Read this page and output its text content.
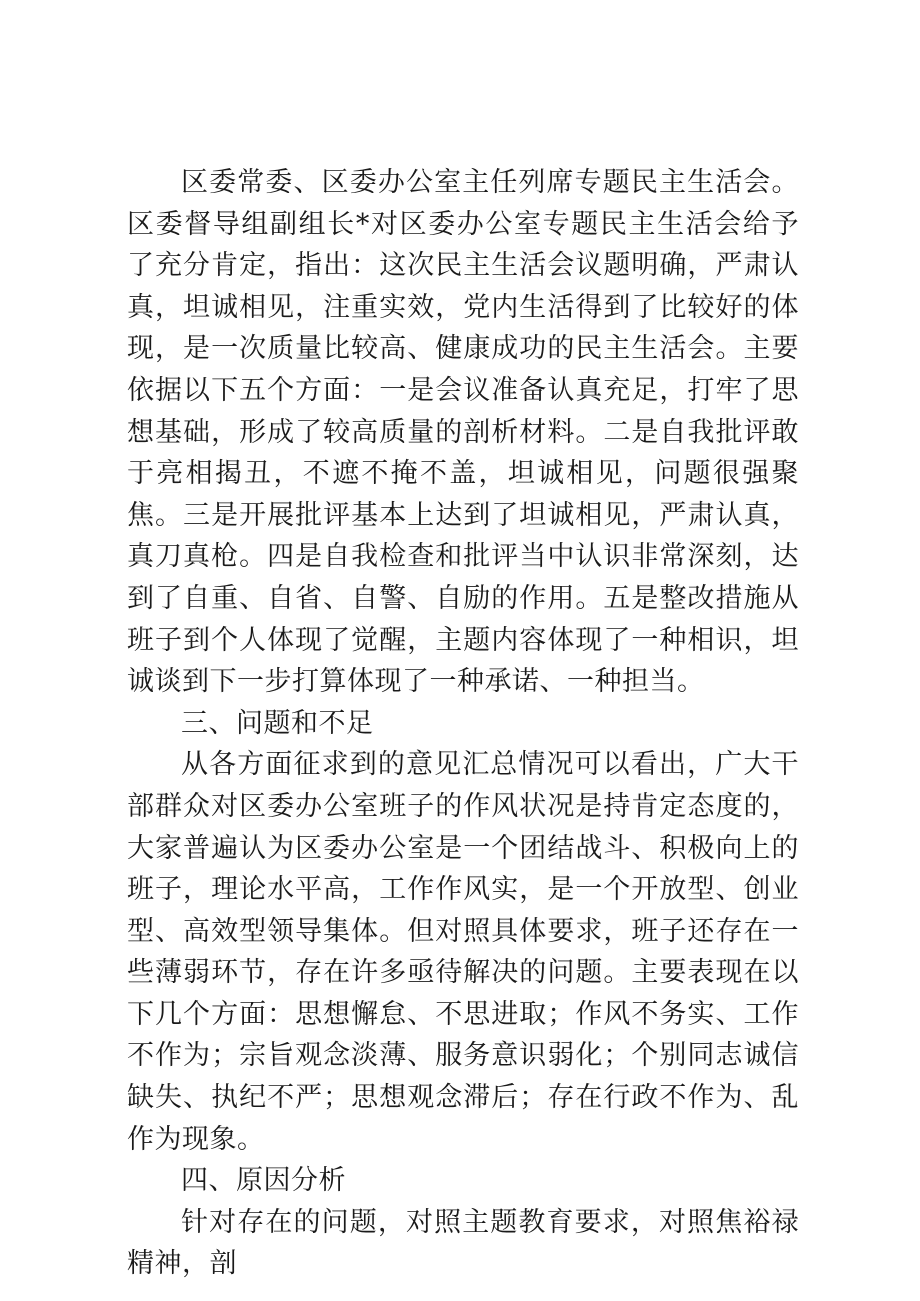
区委常委、区委办公室主任列席专题民主生活会。区委督导组副组长*对区委办公室专题民主生活会给予了充分肯定，指出：这次民主生活会议题明确，严肃认真，坦诚相见，注重实效，党内生活得到了比较好的体现，是一次质量比较高、健康成功的民主生活会。主要依据以下五个方面：一是会议准备认真充足，打牢了思想基础，形成了较高质量的剖析材料。二是自我批评敢于亮相揭丑，不遮不掩不盖，坦诚相见，问题很强聚焦。三是开展批评基本上达到了坦诚相见，严肃认真，真刀真枪。四是自我检查和批评当中认识非常深刻，达到了自重、自省、自警、自励的作用。五是整改措施从班子到个人体现了觉醒，主题内容体现了一种相识，坦诚谈到下一步打算体现了一种承诺、一种担当。

三、问题和不足

从各方面征求到的意见汇总情况可以看出，广大干部群众对区委办公室班子的作风状况是持肯定态度的，大家普遍认为区委办公室是一个团结战斗、积极向上的班子，理论水平高，工作作风实，是一个开放型、创业型、高效型领导集体。但对照具体要求，班子还存在一些薄弱环节，存在许多亟待解决的问题。主要表现在以下几个方面：思想懈怠、不思进取；作风不务实、工作不作为；宗旨观念淡薄、服务意识弱化；个别同志诚信缺失、执纪不严；思想观念滞后；存在行政不作为、乱作为现象。

四、原因分析

针对存在的问题，对照主题教育要求，对照焦裕禄精神，剖
